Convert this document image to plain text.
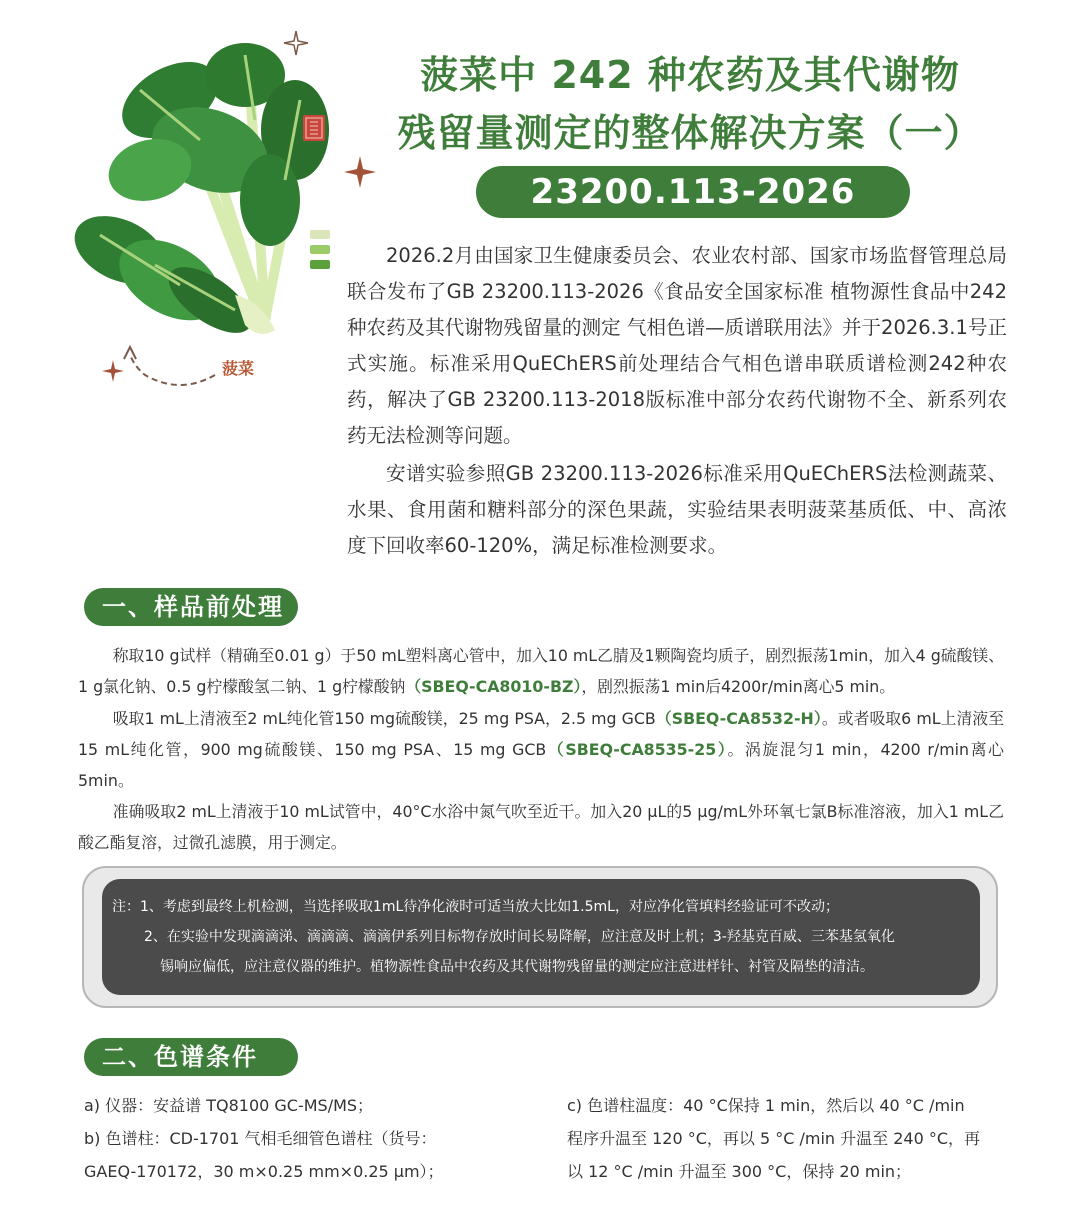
菠菜
菠菜中 242 种农药及其代谢物
残留量测定的整体解决方案（一）
23200.113-2026
2026.2月由国家卫生健康委员会、农业农村部、国家市场监督管理总局联合发布了GB 23200.113-2026《食品安全国家标准 植物源性食品中242种农药及其代谢物残留量的测定 气相色谱—质谱联用法》并于2026.3.1号正式实施。标准采用QuEChERS前处理结合气相色谱串联质谱检测242种农药，解决了GB 23200.113-2018版标准中部分农药代谢物不全、新系列农药无法检测等问题。
安谱实验参照GB 23200.113-2026标准采用QuEChERS法检测蔬菜、水果、食用菌和糖料部分的深色果蔬，实验结果表明菠菜基质低、中、高浓度下回收率60-120%，满足标准检测要求。
一、样品前处理
称取10 g试样（精确至0.01 g）于50 mL塑料离心管中，加入10 mL乙腈及1颗陶瓷均质子，剧烈振荡1min，加入4 g硫酸镁、1 g氯化钠、0.5 g柠檬酸氢二钠、1 g柠檬酸钠（SBEQ-CA8010-BZ），剧烈振荡1 min后4200r/min离心5 min。
吸取1 mL上清液至2 mL纯化管150 mg硫酸镁，25 mg PSA，2.5 mg GCB（SBEQ-CA8532-H）。或者吸取6 mL上清液至15 mL纯化管，900 mg硫酸镁、150 mg PSA、15 mg GCB（SBEQ-CA8535-25）。涡旋混匀1 min，4200 r/min离心5min。
准确吸取2 mL上清液于10 mL试管中，40°C水浴中氮气吹至近干。加入20 µL的5 µg/mL外环氧七氯B标准溶液，加入1 mL乙酸乙酯复溶，过微孔滤膜，用于测定。
注：1、考虑到最终上机检测，当选择吸取1mL待净化液时可适当放大比如1.5mL，对应净化管填料经验证可不改动；
2、在实验中发现滴滴涕、滴滴滴、滴滴伊系列目标物存放时间长易降解，应注意及时上机；3-羟基克百威、三苯基氢氧化
锡响应偏低，应注意仪器的维护。植物源性食品中农药及其代谢物残留量的测定应注意进样针、衬管及隔垫的清洁。
二、色谱条件
a) 仪器：安益谱 TQ8100 GC-MS/MS；
b) 色谱柱：CD-1701 气相毛细管色谱柱（货号：
GAEQ-170172，30 m×0.25 mm×0.25 µm）；
c) 色谱柱温度：40 °C保持 1 min，然后以 40 °C /min
程序升温至 120 °C，再以 5 °C /min 升温至 240 °C，再
以 12 °C /min 升温至 300 °C，保持 20 min；
